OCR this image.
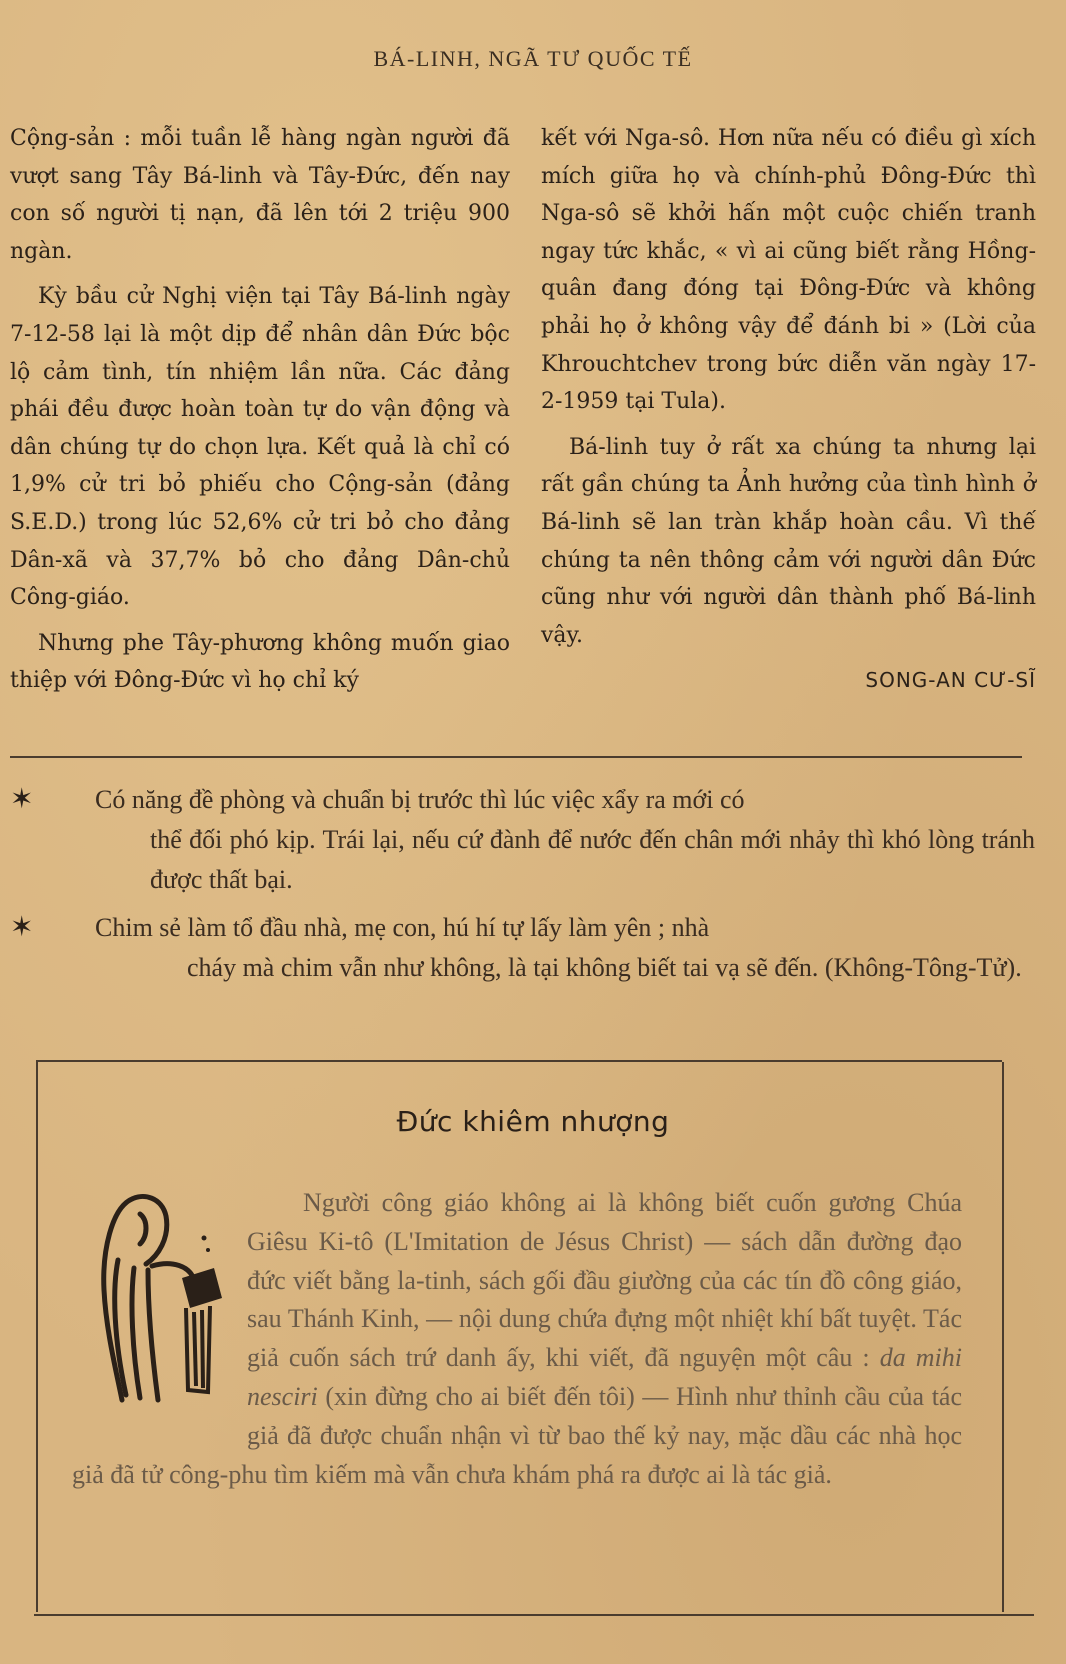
BÁ-LINH, NGÃ TƯ QUỐC TẾ

Cộng-sản : mỗi tuần lễ hàng ngàn người đã vượt sang Tây Bá-linh và Tây-Đức, đến nay con số người tị nạn, đã lên tới 2 triệu 900 ngàn.

Kỳ bầu cử Nghị viện tại Tây Bá-linh ngày 7-12-58 lại là một dịp để nhân dân Đức bộc lộ cảm tình, tín nhiệm lần nữa. Các đảng phái đều được hoàn toàn tự do vận động và dân chúng tự do chọn lựa. Kết quả là chỉ có 1,9% cử tri bỏ phiếu cho Cộng-sản (đảng S.E.D.) trong lúc 52,6% cử tri bỏ cho đảng Dân-xã và 37,7% bỏ cho đảng Dân-chủ Công-giáo.

Nhưng phe Tây-phương không muốn giao thiệp với Đông-Đức vì họ chỉ ký

kết với Nga-sô. Hơn nữa nếu có điều gì xích mích giữa họ và chính-phủ Đông-Đức thì Nga-sô sẽ khởi hấn một cuộc chiến tranh ngay tức khắc, « vì ai cũng biết rằng Hồng-quân đang đóng tại Đông-Đức và không phải họ ở không vậy để đánh bi » (Lời của Khrouchtchev trong bức diễn văn ngày 17-2-1959 tại Tula).

Bá-linh tuy ở rất xa chúng ta nhưng lại rất gần chúng ta Ảnh hưởng của tình hình ở Bá-linh sẽ lan tràn khắp hoàn cầu. Vì thế chúng ta nên thông cảm với người dân Đức cũng như với người dân thành phố Bá-linh vậy.

SONG-AN CƯ-SĨ
✶ Có năng đề phòng và chuẩn bị trước thì lúc việc xẩy ra mới có
thể đối phó kịp. Trái lại, nếu cứ đành để nước đến chân mới nhảy thì khó lòng tránh được thất bại.
✶ Chim sẻ làm tổ đầu nhà, mẹ con, hú hí tự lấy làm yên ; nhà
cháy mà chim vẫn như không, là tại không biết tai vạ sẽ đến. (Không-Tông-Tử).
Đức khiêm nhượng
Người công giáo không ai là không biết cuốn gương Chúa Giêsu Ki-tô (L'Imitation de Jésus Christ) — sách dẫn đường đạo đức viết bằng la-tinh, sách gối đầu giường của các tín đồ công giáo, sau Thánh Kinh, — nội dung chứa đựng một nhiệt khí bất tuyệt. Tác giả cuốn sách trứ danh ấy, khi viết, đã nguyện một câu : da mihi nesciri (xin đừng cho ai biết đến tôi) — Hình như thỉnh cầu của tác giả đã được chuẩn nhận vì từ bao thế kỷ nay, mặc dầu các nhà học giả đã tử công-phu tìm kiếm mà vẫn chưa khám phá ra được ai là tác giả.
